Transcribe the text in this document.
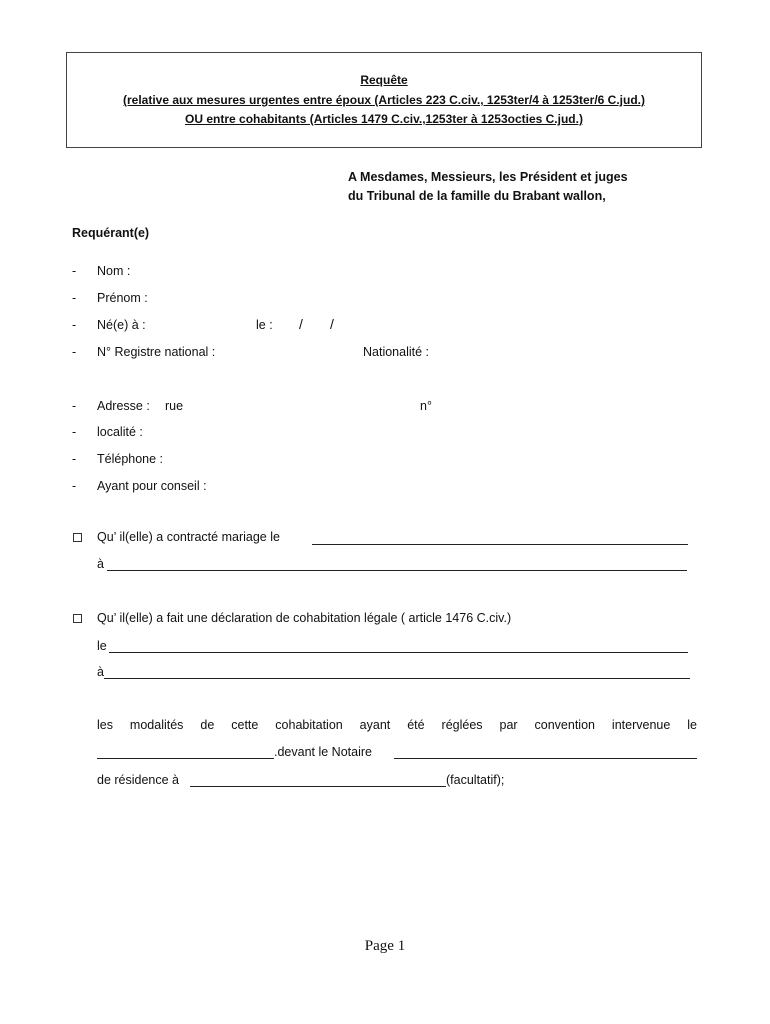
Requête
(relative aux mesures urgentes entre époux (Articles 223 C.civ., 1253ter/4 à 1253ter/6 C.jud.)
OU entre cohabitants (Articles 1479 C.civ.,1253ter à 1253octies C.jud.)
A Mesdames, Messieurs, les Président et juges
du Tribunal de la famille du Brabant wallon,
Requérant(e)
- Nom :
- Prénom :
- Né(e) à :	le : / /
- N° Registre national :	Nationalité :
- Adresse : rue	n°
- localité :
- Téléphone :
- Ayant pour conseil :
Qu’ il(elle) a contracté mariage le
à
Qu’ il(elle) a fait une déclaration de cohabitation légale ( article 1476 C.civ.)
le
à
les modalités de cette cohabitation ayant été réglées par convention intervenue le
.devant le Notaire
de résidence à	(facultatif);
Page 1
